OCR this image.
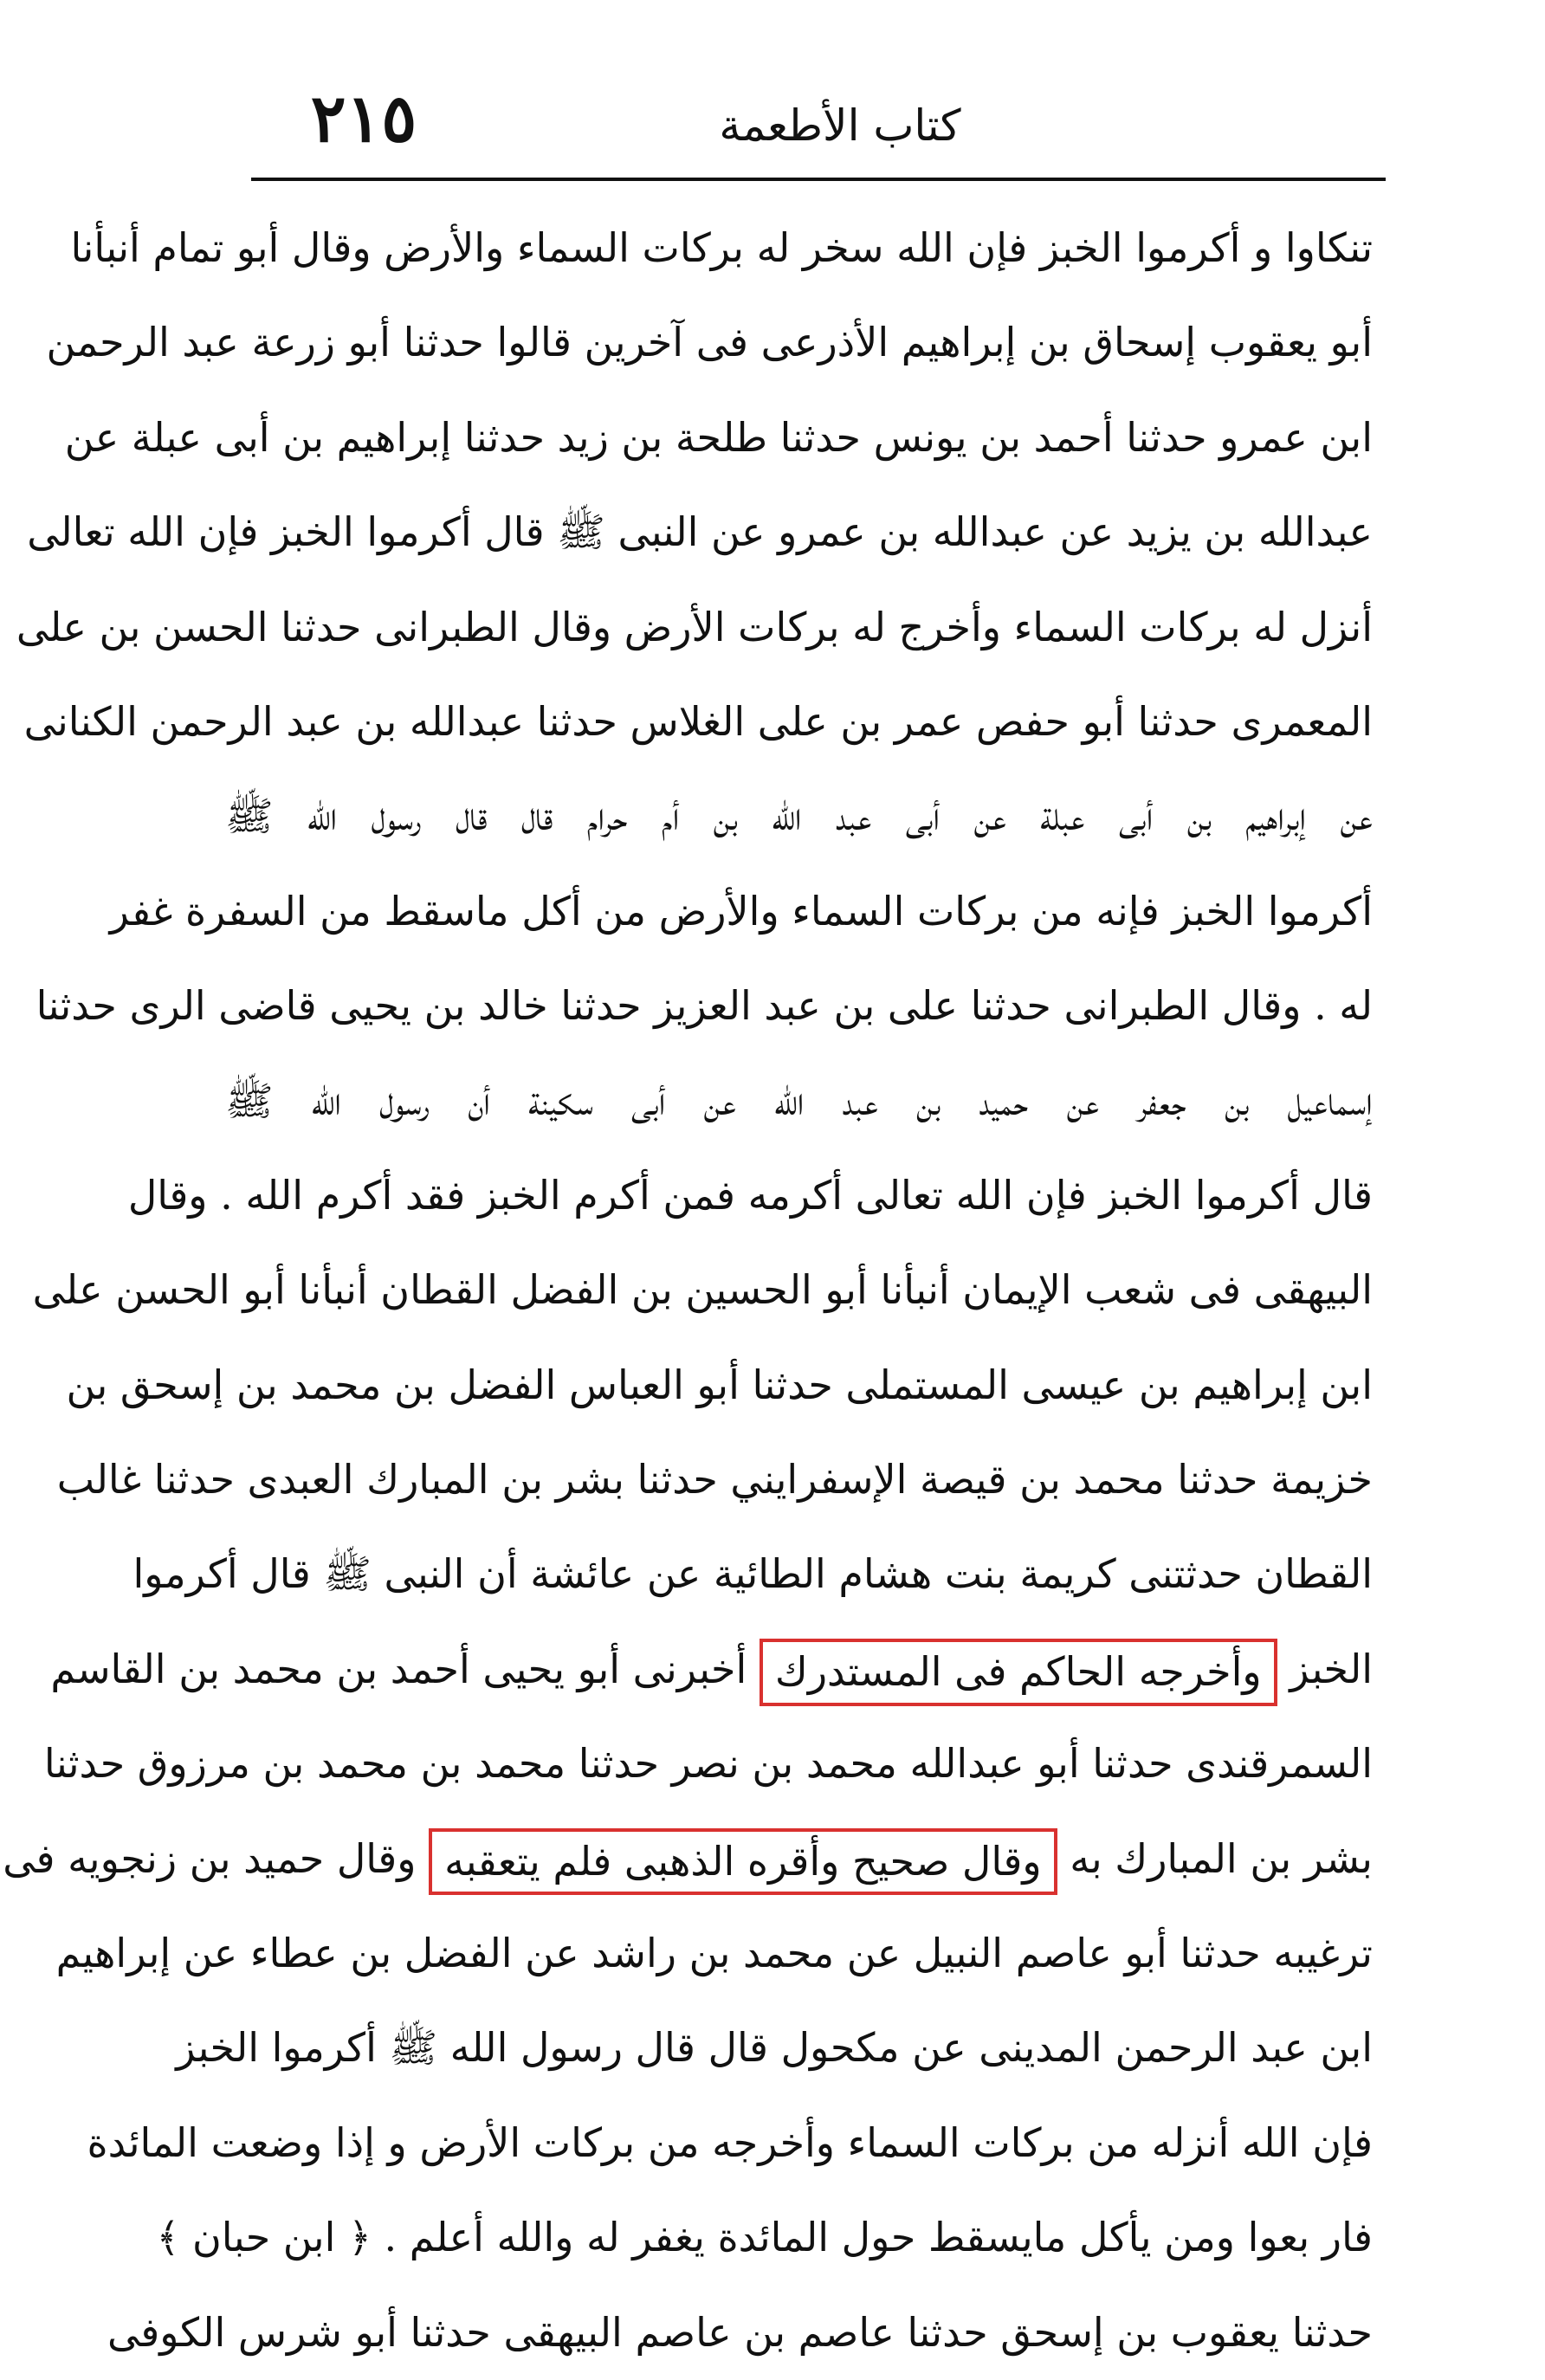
٢١٥	كتاب الأطعمة
تنكاوا و أكرموا الخبز فإن الله سخر له بركات السماء والأرض وقال أبو تمام أنبأنا
أبو يعقوب إسحاق بن إبراهيم الأذرعى فى آخرين قالوا حدثنا أبو زرعة عبد الرحمن
ابن عمرو حدثنا أحمد بن يونس حدثنا طلحة بن زيد حدثنا إبراهيم بن أبى عبلة عن
عبدالله بن يزيد عن عبدالله بن عمرو عن النبى ﷺ قال أكرموا الخبز فإن الله تعالى
أنزل له بركات السماء وأخرج له بركات الأرض وقال الطبرانى حدثنا الحسن بن على
المعمرى حدثنا أبو حفص عمر بن على الغلاس حدثنا عبدالله بن عبد الرحمن الكنانى
عن إبراهيم بن أبى عبلة عن أبى عبد الله بن أم حرام قال قال رسول الله ﷺ
أكرموا الخبز فإنه من بركات السماء والأرض من أكل ماسقط من السفرة غفر
له . وقال الطبرانى حدثنا على بن عبد العزيز حدثنا خالد بن يحيى قاضى الرى حدثنا
إسماعيل بن جعفر عن حميد بن عبد الله عن أبى سكينة أن رسول الله ﷺ
قال أكرموا الخبز فإن الله تعالى أكرمه فمن أكرم الخبز فقد أكرم الله . وقال
البيهقى فى شعب الإيمان أنبأنا أبو الحسين بن الفضل القطان أنبأنا أبو الحسن على
ابن إبراهيم بن عيسى المستملى حدثنا أبو العباس الفضل بن محمد بن إسحق بن
خزيمة حدثنا محمد بن قيصة الإسفرايني حدثنا بشر بن المبارك العبدى حدثنا غالب
القطان حدثتنى كريمة بنت هشام الطائية عن عائشة أن النبى ﷺ قال أكرموا
الخبز وأخرجه الحاكم فى المستدرك أخبرنى أبو يحيى أحمد بن محمد بن القاسم
السمرقندى حدثنا أبو عبدالله محمد بن نصر حدثنا محمد بن محمد بن مرزوق حدثنا
بشر بن المبارك به وقال صحيح وأقره الذهبى فلم يتعقبه وقال حميد بن زنجويه فى
ترغيبه حدثنا أبو عاصم النبيل عن محمد بن راشد عن الفضل بن عطاء عن إبراهيم
ابن عبد الرحمن المدينى عن مكحول قال قال رسول الله ﷺ أكرموا الخبز
فإن الله أنزله من بركات السماء وأخرجه من بركات الأرض و إذا وضعت المائدة
فار بعوا ومن يأكل مايسقط حول المائدة يغفر له والله أعلم . ﴿ ابن حبان ﴾
حدثنا يعقوب بن إسحق حدثنا عاصم بن عاصم البيهقى حدثنا أبو شرس الكوفى
